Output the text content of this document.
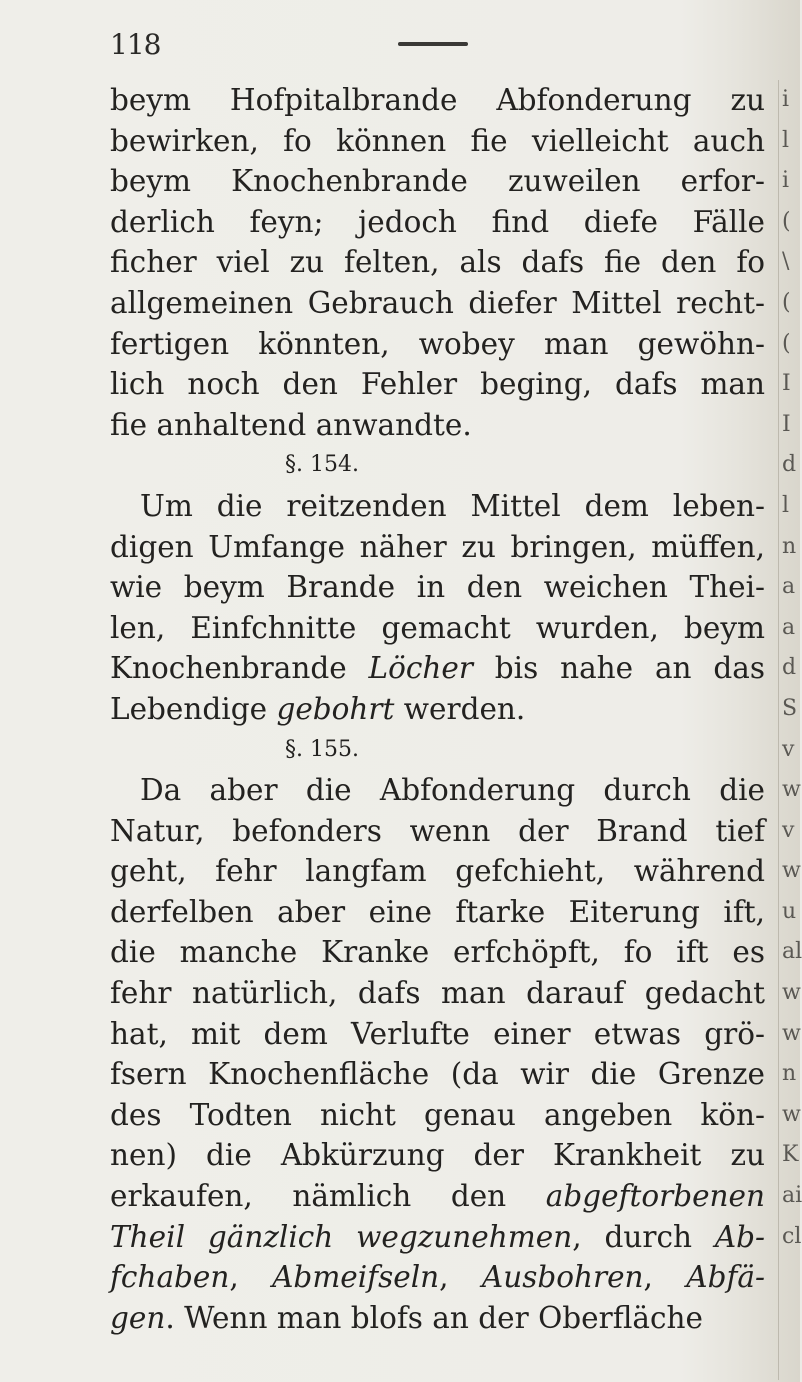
118
beym Hofpitalbrande Abfonderung zu
bewirken, fo können fie vielleicht auch
beym Knochenbrande zuweilen erfor-
derlich feyn; jedoch find diefe Fälle
ficher viel zu felten, als dafs fie den fo
allgemeinen Gebrauch diefer Mittel recht-
fertigen könnten, wobey man gewöhn-
lich noch den Fehler beging, dafs man
fie anhaltend anwandte.
§. 154.
Um die reitzenden Mittel dem leben-
digen Umfange näher zu bringen, müffen,
wie beym Brande in den weichen Thei-
len, Einfchnitte gemacht wurden, beym
Knochenbrande Löcher bis nahe an das
Lebendige gebohrt werden.
§. 155.
Da aber die Abfonderung durch die
Natur, befonders wenn der Brand tief
geht, fehr langfam gefchieht, während
derfelben aber eine ftarke Eiterung ift,
die manche Kranke erfchöpft, fo ift es
fehr natürlich, dafs man darauf gedacht
hat, mit dem Verlufte einer etwas grö-
fsern Knochenfläche (da wir die Grenze
des Todten nicht genau angeben kön-
nen) die Abkürzung der Krankheit zu
erkaufen, nämlich den abgeftorbenen
Theil gänzlich wegzunehmen, durch Ab-
fchaben, Abmeifseln, Ausbohren, Abfä-
gen. Wenn man blofs an der Oberfläche
i
l
i
(
\
(
(
I
I
d
l
n
a
a
d
S
v
w
v
w
u
al
w
w
n
w
K
ai
cl
